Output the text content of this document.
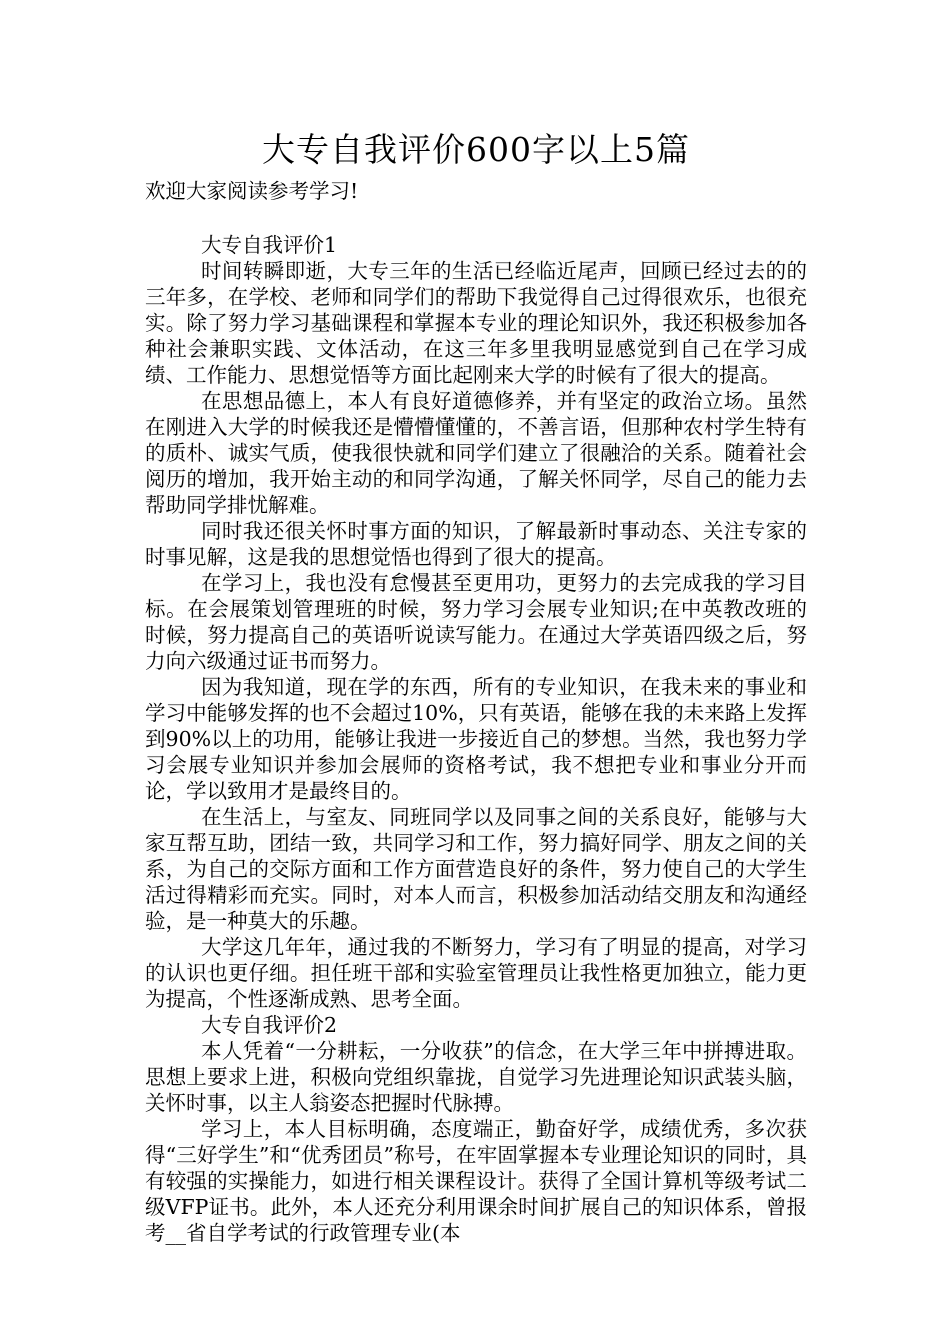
大专自我评价600字以上5篇

欢迎大家阅读参考学习!

大专自我评价1

时间转瞬即逝，大专三年的生活已经临近尾声，回顾已经过去的的三年多，在学校、老师和同学们的帮助下我觉得自己过得很欢乐，也很充实。除了努力学习基础课程和掌握本专业的理论知识外，我还积极参加各种社会兼职实践、文体活动，在这三年多里我明显感觉到自己在学习成绩、工作能力、思想觉悟等方面比起刚来大学的时候有了很大的提高。

在思想品德上，本人有良好道德修养，并有坚定的政治立场。虽然在刚进入大学的时候我还是懵懵懂懂的，不善言语，但那种农村学生特有的质朴、诚实气质，使我很快就和同学们建立了很融洽的关系。随着社会阅历的增加，我开始主动的和同学沟通，了解关怀同学，尽自己的能力去帮助同学排忧解难。

同时我还很关怀时事方面的知识，了解最新时事动态、关注专家的时事见解，这是我的思想觉悟也得到了很大的提高。

在学习上，我也没有怠慢甚至更用功，更努力的去完成我的学习目标。在会展策划管理班的时候，努力学习会展专业知识;在中英教改班的时候，努力提高自己的英语听说读写能力。在通过大学英语四级之后，努力向六级通过证书而努力。

因为我知道，现在学的东西，所有的专业知识，在我未来的事业和学习中能够发挥的也不会超过10%，只有英语，能够在我的未来路上发挥到90%以上的功用，能够让我进一步接近自己的梦想。当然，我也努力学习会展专业知识并参加会展师的资格考试，我不想把专业和事业分开而论，学以致用才是最终目的。

在生活上，与室友、同班同学以及同事之间的关系良好，能够与大家互帮互助，团结一致，共同学习和工作，努力搞好同学、朋友之间的关系，为自己的交际方面和工作方面营造良好的条件，努力使自己的大学生活过得精彩而充实。同时，对本人而言，积极参加活动结交朋友和沟通经验，是一种莫大的乐趣。

大学这几年年，通过我的不断努力，学习有了明显的提高，对学习的认识也更仔细。担任班干部和实验室管理员让我性格更加独立，能力更为提高，个性逐渐成熟、思考全面。

大专自我评价2

本人凭着“一分耕耘，一分收获”的信念，在大学三年中拼搏进取。思想上要求上进，积极向党组织靠拢，自觉学习先进理论知识武装头脑，关怀时事，以主人翁姿态把握时代脉搏。

学习上，本人目标明确，态度端正，勤奋好学，成绩优秀，多次获得“三好学生”和“优秀团员”称号，在牢固掌握本专业理论知识的同时，具有较强的实操能力，如进行相关课程设计。获得了全国计算机等级考试二级VFP证书。此外，本人还充分利用课余时间扩展自己的知识体系，曾报考__省自学考试的行政管理专业(本
